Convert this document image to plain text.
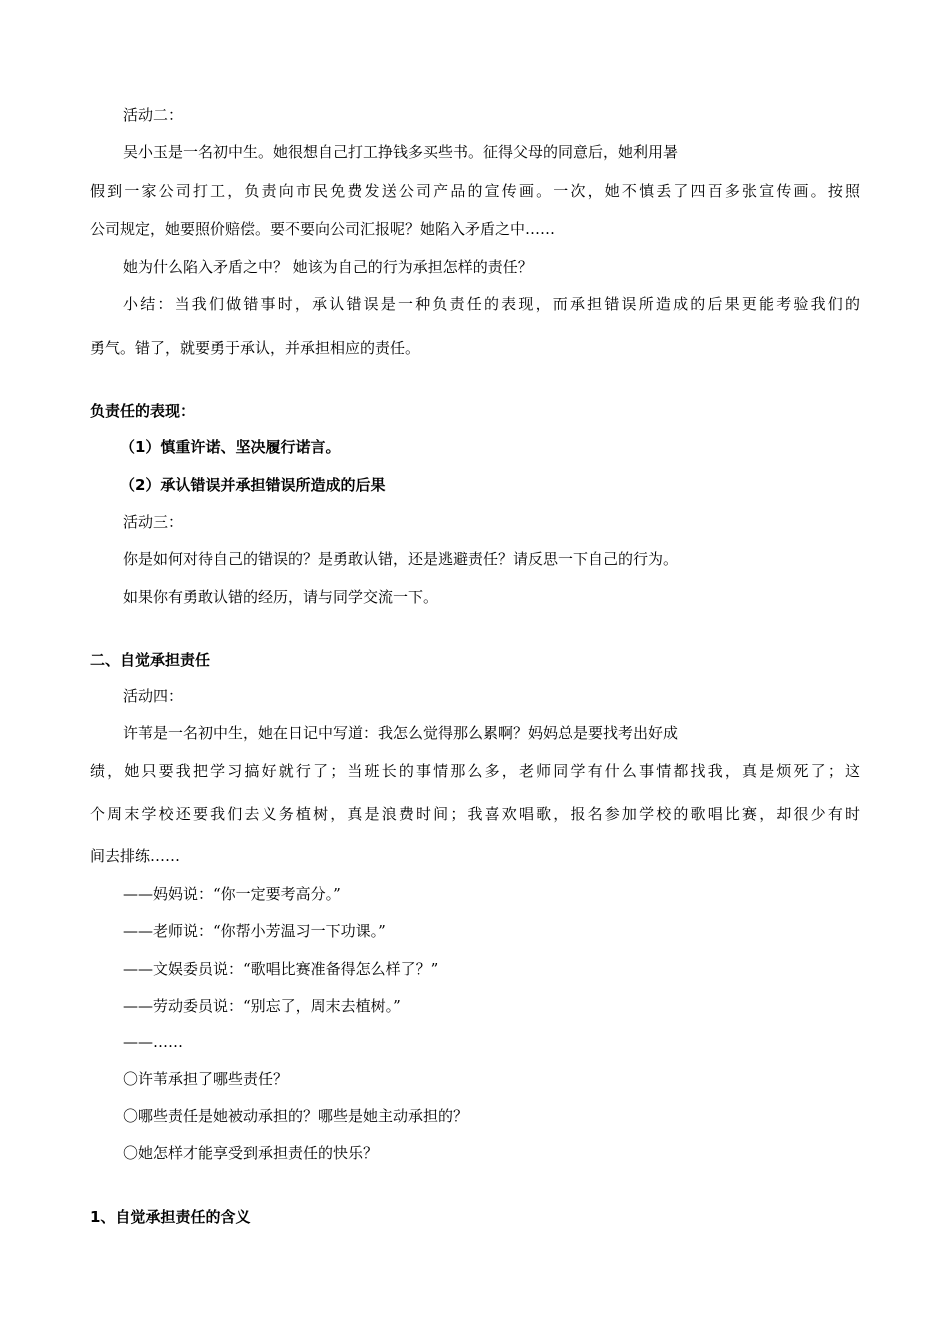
活动二：

吴小玉是一名初中生。她很想自己打工挣钱多买些书。征得父母的同意后，她利用暑

假到一家公司打工，负责向市民免费发送公司产品的宣传画。一次，她不慎丢了四百多张宣传画。按照

公司规定，她要照价赔偿。要不要向公司汇报呢？她陷入矛盾之中……

她为什么陷入矛盾之中？ 她该为自己的行为承担怎样的责任？

小结：当我们做错事时，承认错误是一种负责任的表现，而承担错误所造成的后果更能考验我们的

勇气。错了，就要勇于承认，并承担相应的责任。

负责任的表现：

（1）慎重许诺、坚决履行诺言。

（2）承认错误并承担错误所造成的后果

活动三：

你是如何对待自己的错误的？是勇敢认错，还是逃避责任？请反思一下自己的行为。

如果你有勇敢认错的经历，请与同学交流一下。

二、自觉承担责任

活动四：

许苇是一名初中生，她在日记中写道：我怎么觉得那么累啊？妈妈总是要找考出好成

绩，她只要我把学习搞好就行了；当班长的事情那么多，老师同学有什么事情都找我，真是烦死了；这

个周末学校还要我们去义务植树，真是浪费时间；我喜欢唱歌，报名参加学校的歌唱比赛，却很少有时

间去排练……

——妈妈说：“你一定要考高分。”

——老师说：“你帮小芳温习一下功课。”

——文娱委员说：“歌唱比赛准备得怎么样了？”

——劳动委员说：“别忘了，周末去植树。”

——……

〇许苇承担了哪些责任？

〇哪些责任是她被动承担的？哪些是她主动承担的？

〇她怎样才能享受到承担责任的快乐？

1、自觉承担责任的含义
